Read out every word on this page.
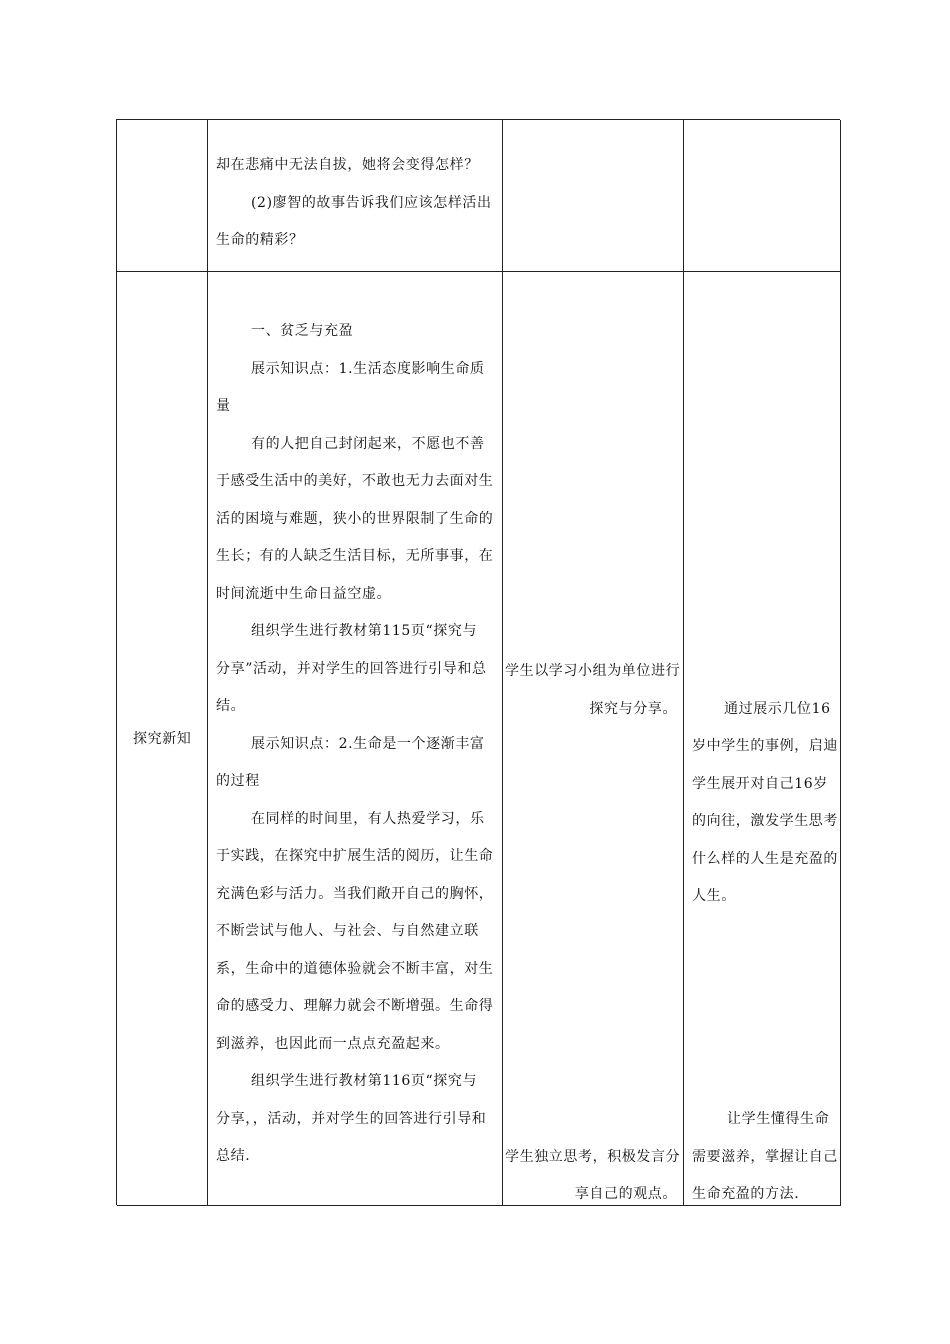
却在悲痛中无法自拔，她将会变得怎样？
(2)廖智的故事告诉我们应该怎样活出
生命的精彩？
探究新知
一、贫乏与充盈
展示知识点：1.生活态度影响生命质
量
有的人把自己封闭起来，不愿也不善
于感受生活中的美好，不敢也无力去面对生
活的困境与难题，狭小的世界限制了生命的
生长；有的人缺乏生活目标，无所事事，在
时间流逝中生命日益空虚。
组织学生进行教材第115页“探究与
分享”活动，并对学生的回答进行引导和总
结。
展示知识点：2.生命是一个逐渐丰富
的过程
在同样的时间里，有人热爱学习，乐
于实践，在探究中扩展生活的阅历，让生命
充满色彩与活力。当我们敞开自己的胸怀，
不断尝试与他人、与社会、与自然建立联
系，生命中的道德体验就会不断丰富，对生
命的感受力、理解力就会不断增强。生命得
到滋养，也因此而一点点充盈起来。
组织学生进行教材第116页“探究与
分享，，活动，并对学生的回答进行引导和
总结.
学生以学习小组为单位进行
探究与分享。
学生独立思考，积极发言分
享自己的观点。
通过展示几位16
岁中学生的事例，启迪
学生展开对自己16岁
的向往，激发学生思考
什么样的人生是充盈的
人生。
让学生懂得生命
需要滋养，掌握让自己
生命充盈的方法.
